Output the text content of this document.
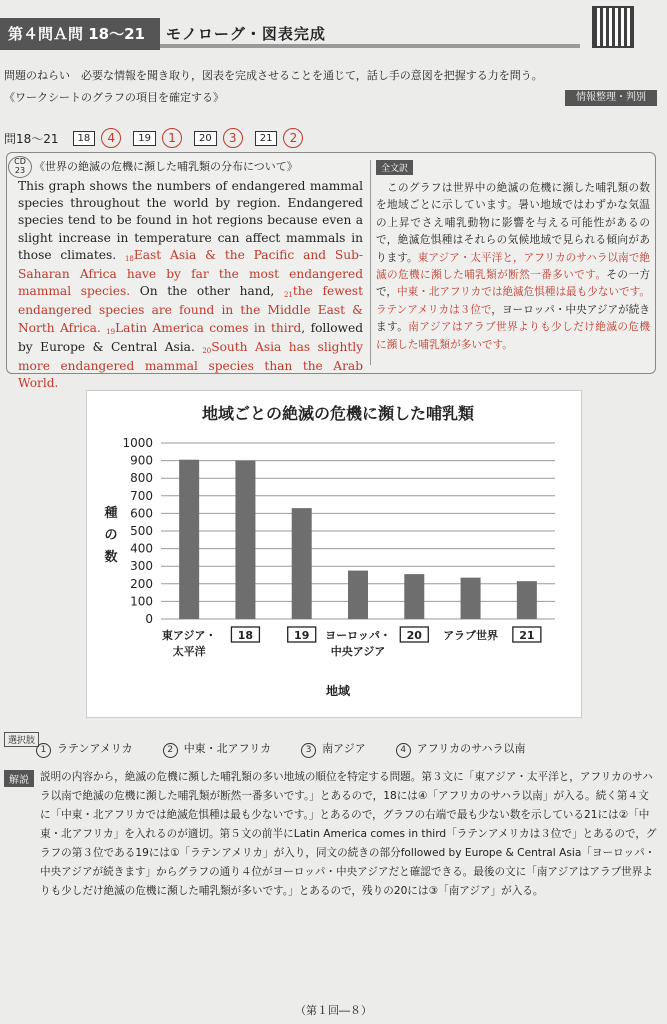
第４問Ａ問 18〜21	モノローグ・図表完成
問題のねらい　必要な情報を聞き取り，図表を完成させることを通じて，話し手の意図を把握する力を問う。
《ワークシートのグラフの項目を確定する》	情報整理・判別
問18〜21	18	4	19	1	20	3	21	2
CD 23 《世界の絶滅の危機に瀕した哺乳類の分布について》
This graph shows the numbers of endangered mammal species throughout the world by region. Endangered species tend to be found in hot regions because even a slight increase in temperature can affect mammals in those climates. $_{18}$East Asia & the Pacific and Sub-Saharan Africa have by far the most endangered mammal species. On the other hand, $_{21}$the fewest endangered species are found in the Middle East & North Africa. $_{19}$Latin America comes in third, followed by Europe & Central Asia. $_{20}$South Asia has slightly more endangered mammal species than the Arab World.
全文訳
　このグラフは世界中の絶滅の危機に瀕した哺乳類の数を地域ごとに示しています。暑い地域ではわずかな気温の上昇でさえ哺乳動物に影響を与える可能性があるので，絶滅危惧種はそれらの気候地域で見られる傾向があります。東アジア・太平洋と，アフリカのサハラ以南で絶滅の危機に瀕した哺乳類が断然一番多いです。その一方で，中東・北アフリカでは絶滅危惧種は最も少ないです。ラテンアメリカは３位で，ヨーロッパ・中央アジアが続きます。南アジアはアラブ世界よりも少しだけ絶滅の危機に瀕した哺乳類が多いです。
地域ごとの絶滅の危機に瀕した哺乳類
0
100
200
300
400
500
600
700
800
900
1000
種
の
数
東アジア・
太平洋
18	19 ヨーロッパ・
中央アジア
20 アラブ世界 21
地域
選択肢
1 ラテンアメリカ	2 中東・北アフリカ	3 南アジア	4 アフリカのサハラ以南
解説	説明の内容から，絶滅の危機に瀕した哺乳類の多い地域の順位を特定する問題。第３文に「東アジア・太平洋と，アフリカのサハラ以南で絶滅の危機に瀕した哺乳類が断然一番多いです。」とあるので，18には④「アフリカのサハラ以南」が入る。続く第４文に「中東・北アフリカでは絶滅危惧種は最も少ないです。」とあるので，グラフの右端で最も少ない数を示している21には②「中東・北アフリカ」を入れるのが適切。第５文の前半にLatin America comes in third「ラテンアメリカは３位で」とあるので，グラフの第３位である19には①「ラテンアメリカ」が入り，同文の続きの部分followed by Europe & Central Asia「ヨーロッパ・中央アジアが続きます」からグラフの通り４位がヨーロッパ・中央アジアだと確認できる。最後の文に「南アジアはアラブ世界よりも少しだけ絶滅の危機に瀕した哺乳類が多いです。」とあるので，残りの20には③「南アジア」が入る。
（第１回―８）
